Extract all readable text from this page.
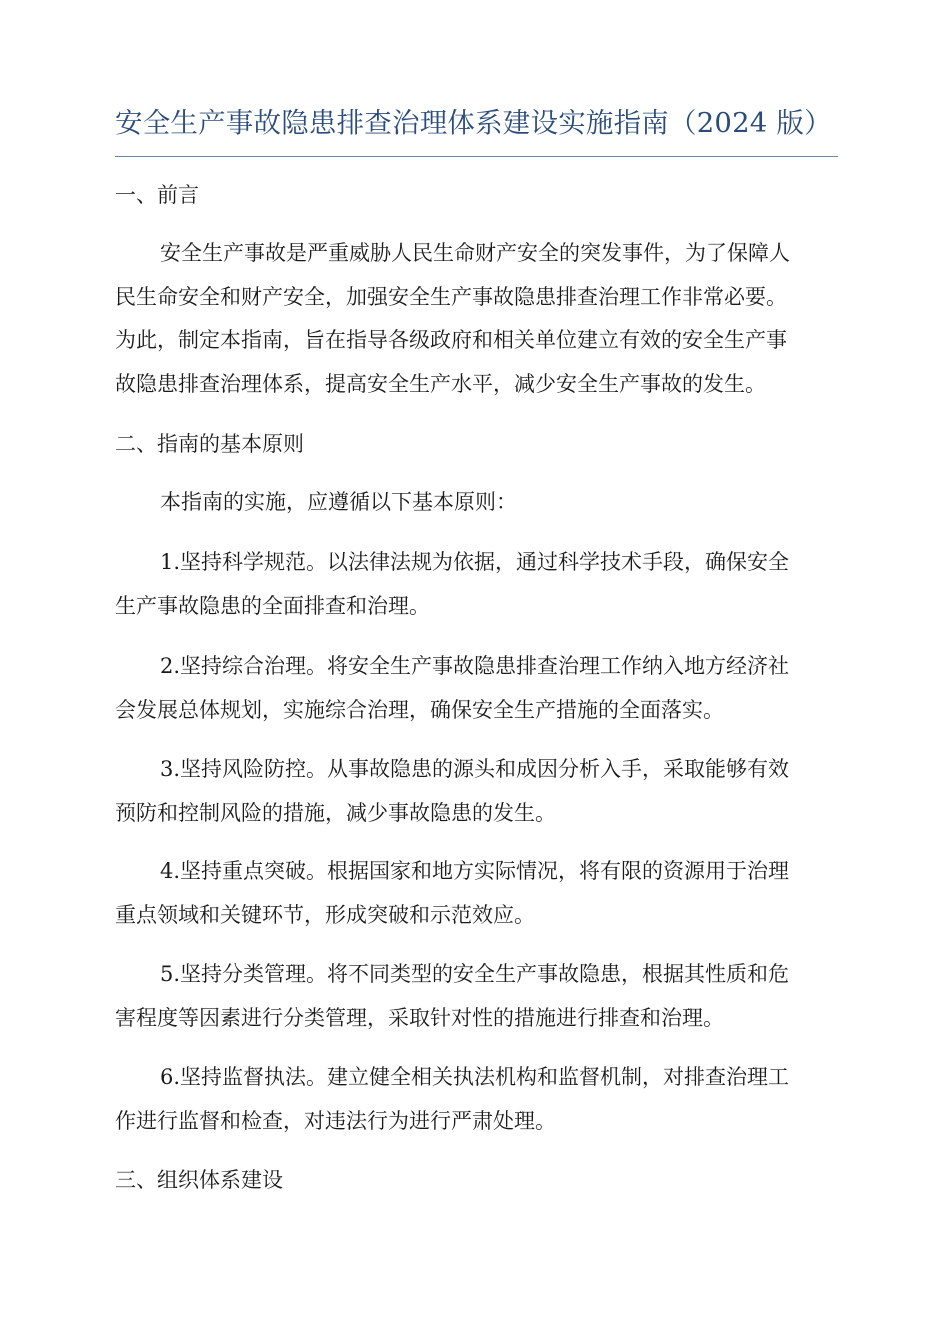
安全生产事故隐患排查治理体系建设实施指南（2024 版）
一、前言

安全生产事故是严重威胁人民生命财产安全的突发事件，为了保障人
民生命安全和财产安全，加强安全生产事故隐患排查治理工作非常必要。
为此，制定本指南，旨在指导各级政府和相关单位建立有效的安全生产事
故隐患排查治理体系，提高安全生产水平，减少安全生产事故的发生。

二、指南的基本原则

本指南的实施，应遵循以下基本原则：

1.坚持科学规范。以法律法规为依据，通过科学技术手段，确保安全
生产事故隐患的全面排查和治理。

2.坚持综合治理。将安全生产事故隐患排查治理工作纳入地方经济社
会发展总体规划，实施综合治理，确保安全生产措施的全面落实。

3.坚持风险防控。从事故隐患的源头和成因分析入手，采取能够有效
预防和控制风险的措施，减少事故隐患的发生。

4.坚持重点突破。根据国家和地方实际情况，将有限的资源用于治理
重点领域和关键环节，形成突破和示范效应。

5.坚持分类管理。将不同类型的安全生产事故隐患，根据其性质和危
害程度等因素进行分类管理，采取针对性的措施进行排查和治理。

6.坚持监督执法。建立健全相关执法机构和监督机制，对排查治理工
作进行监督和检查，对违法行为进行严肃处理。

三、组织体系建设
